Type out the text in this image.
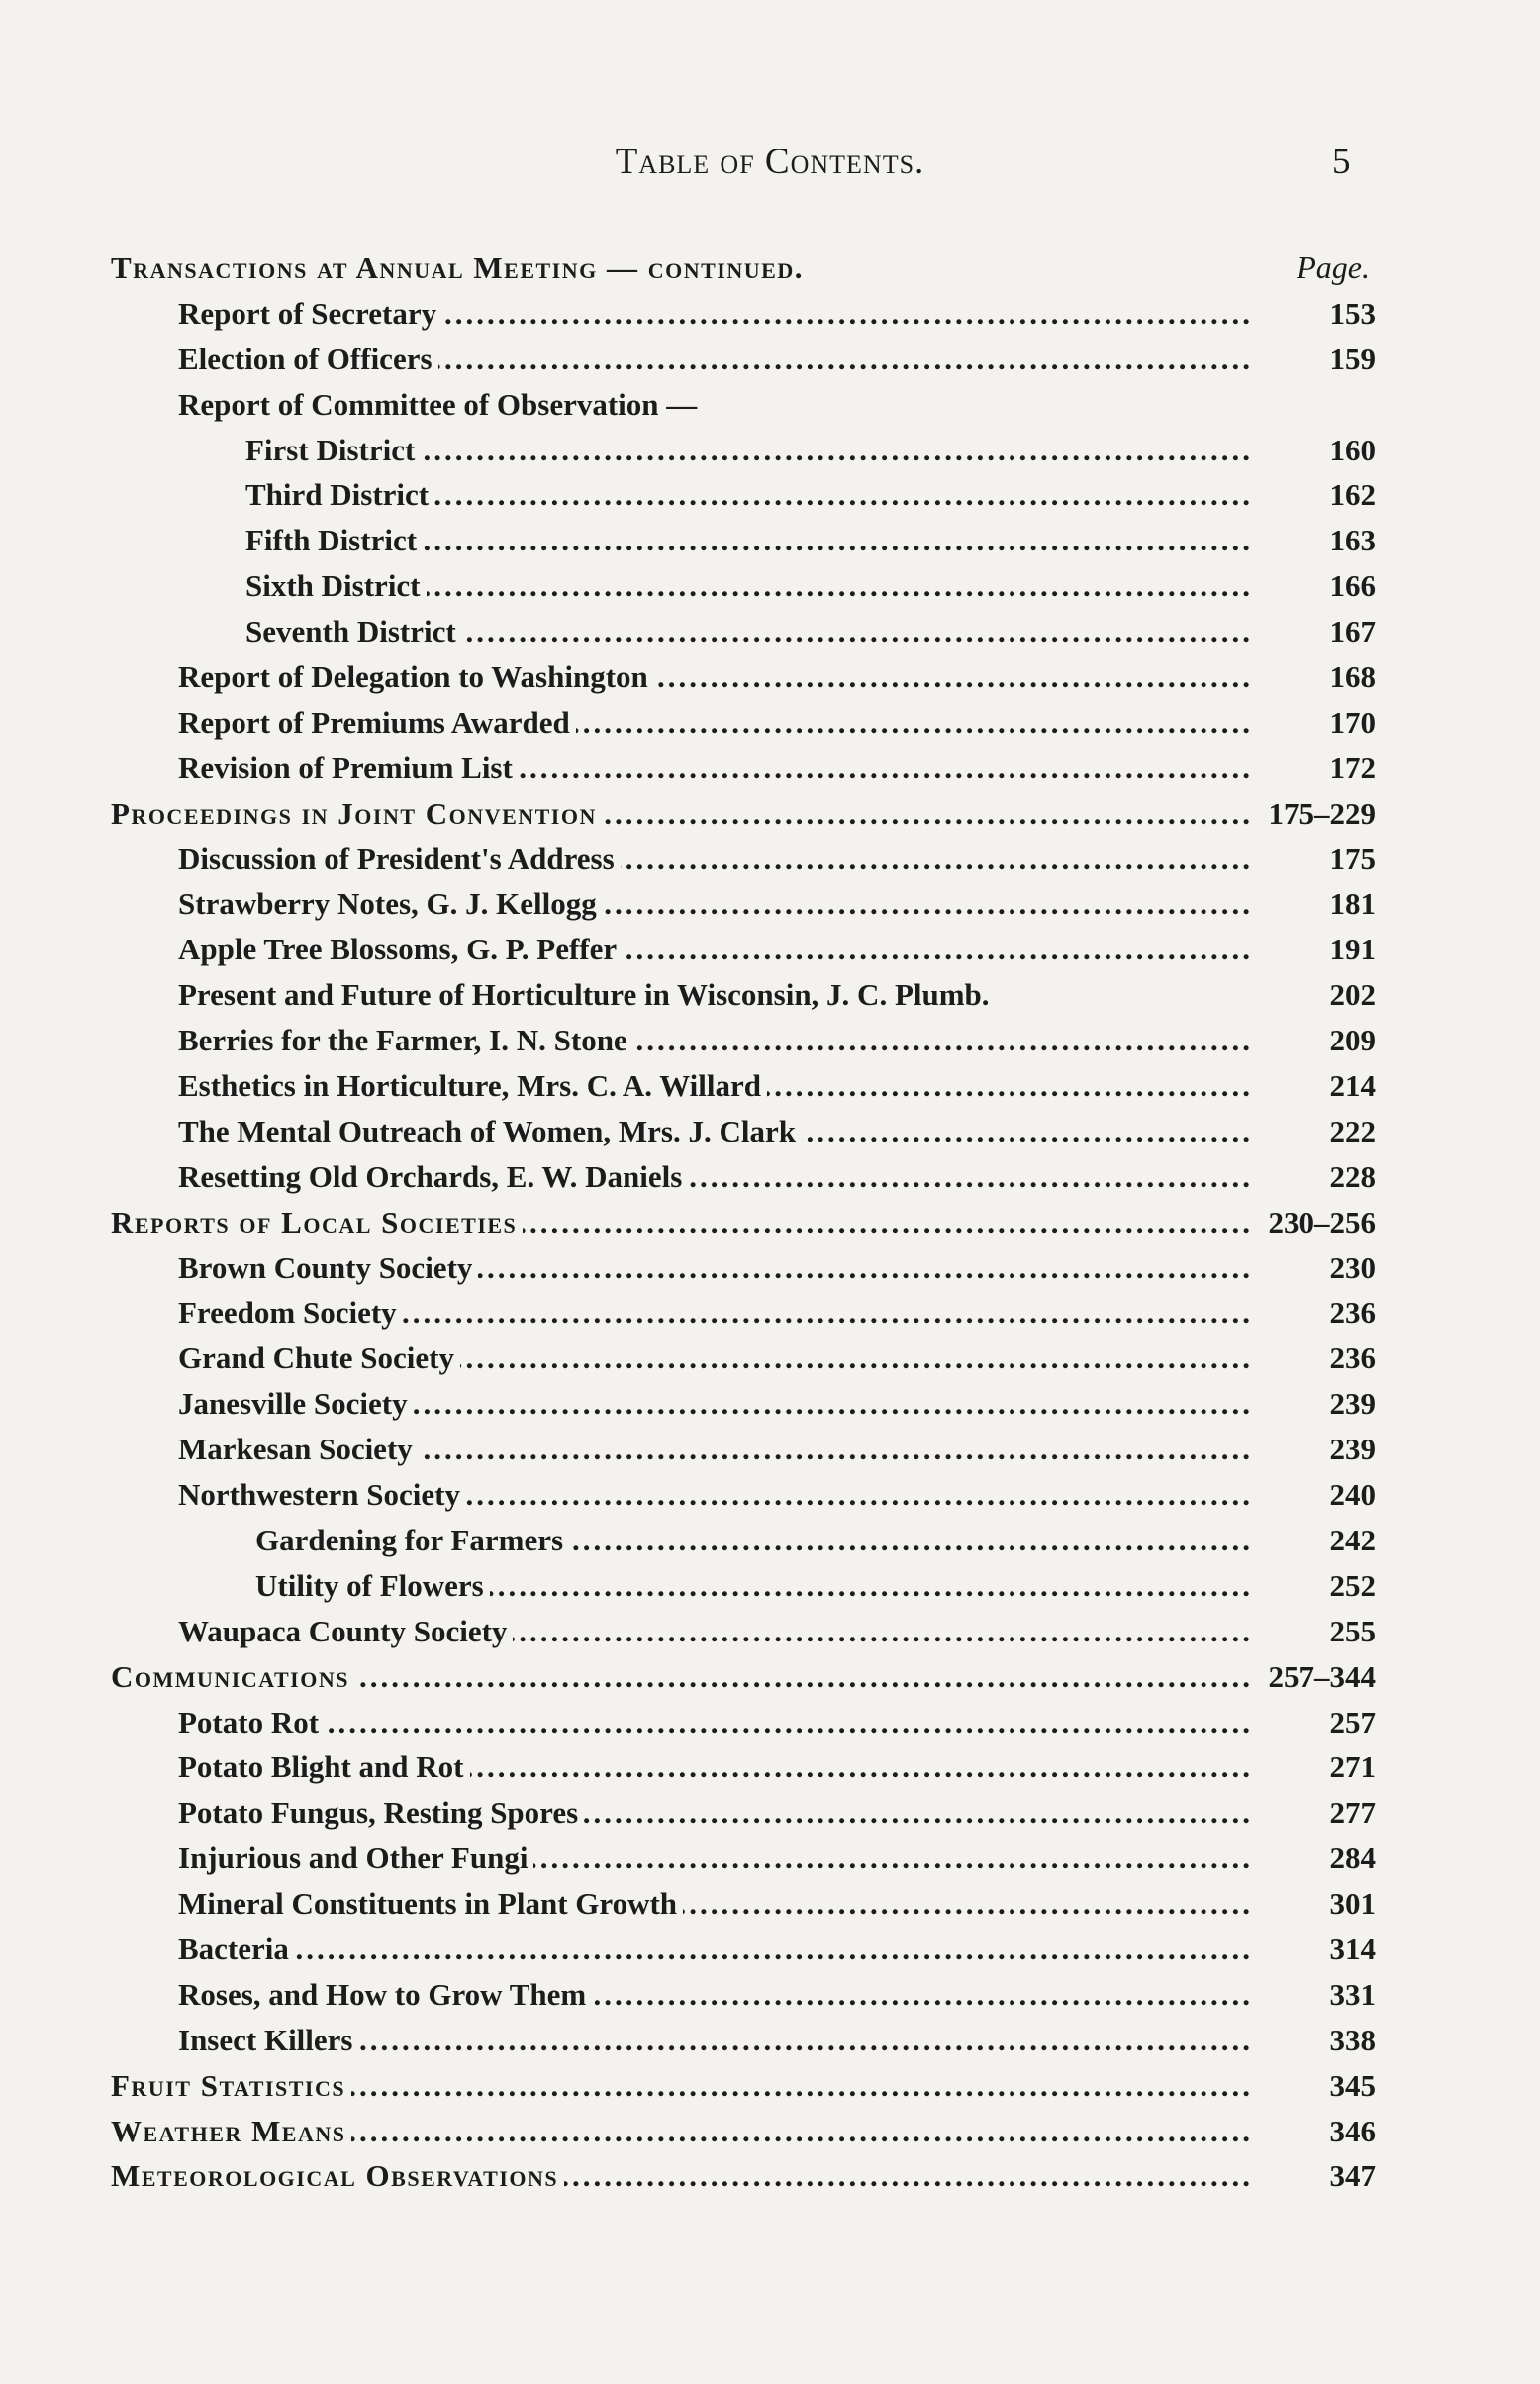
Table of Contents.	5
Transactions at Annual Meeting — continued.	Page.
Report of Secretary .....	153
Election of Officers .....	159
Report of Committee of Observation —
First District .....	160
Third District .....	162
Fifth District .....	163
Sixth District .....	166
Seventh District .....	167
Report of Delegation to Washington .....	168
Report of Premiums Awarded .....	170
Revision of Premium List .....	172
Proceedings in Joint Convention .....	175–229
Discussion of President's Address .....	175
Strawberry Notes, G. J. Kellogg .....	181
Apple Tree Blossoms, G. P. Peffer .....	191
Present and Future of Horticulture in Wisconsin, J. C. Plumb.	202
Berries for the Farmer, I. N. Stone .....	209
Esthetics in Horticulture, Mrs. C. A. Willard .....	214
The Mental Outreach of Women, Mrs. J. Clark .....	222
Resetting Old Orchards, E. W. Daniels .....	228
Reports of Local Societies .....	230–256
Brown County Society .....	230
Freedom Society .....	236
Grand Chute Society .....	236
Janesville Society .....	239
Markesan Society .....	239
Northwestern Society .....	240
Gardening for Farmers .....	242
Utility of Flowers .....	252
Waupaca County Society .....	255
Communications .....	257–344
Potato Rot .....	257
Potato Blight and Rot .....	271
Potato Fungus, Resting Spores .....	277
Injurious and Other Fungi .....	284
Mineral Constituents in Plant Growth .....	301
Bacteria .....	314
Roses, and How to Grow Them .....	331
Insect Killers .....	338
Fruit Statistics .....	345
Weather Means .....	346
Meteorological Observations .....	347
